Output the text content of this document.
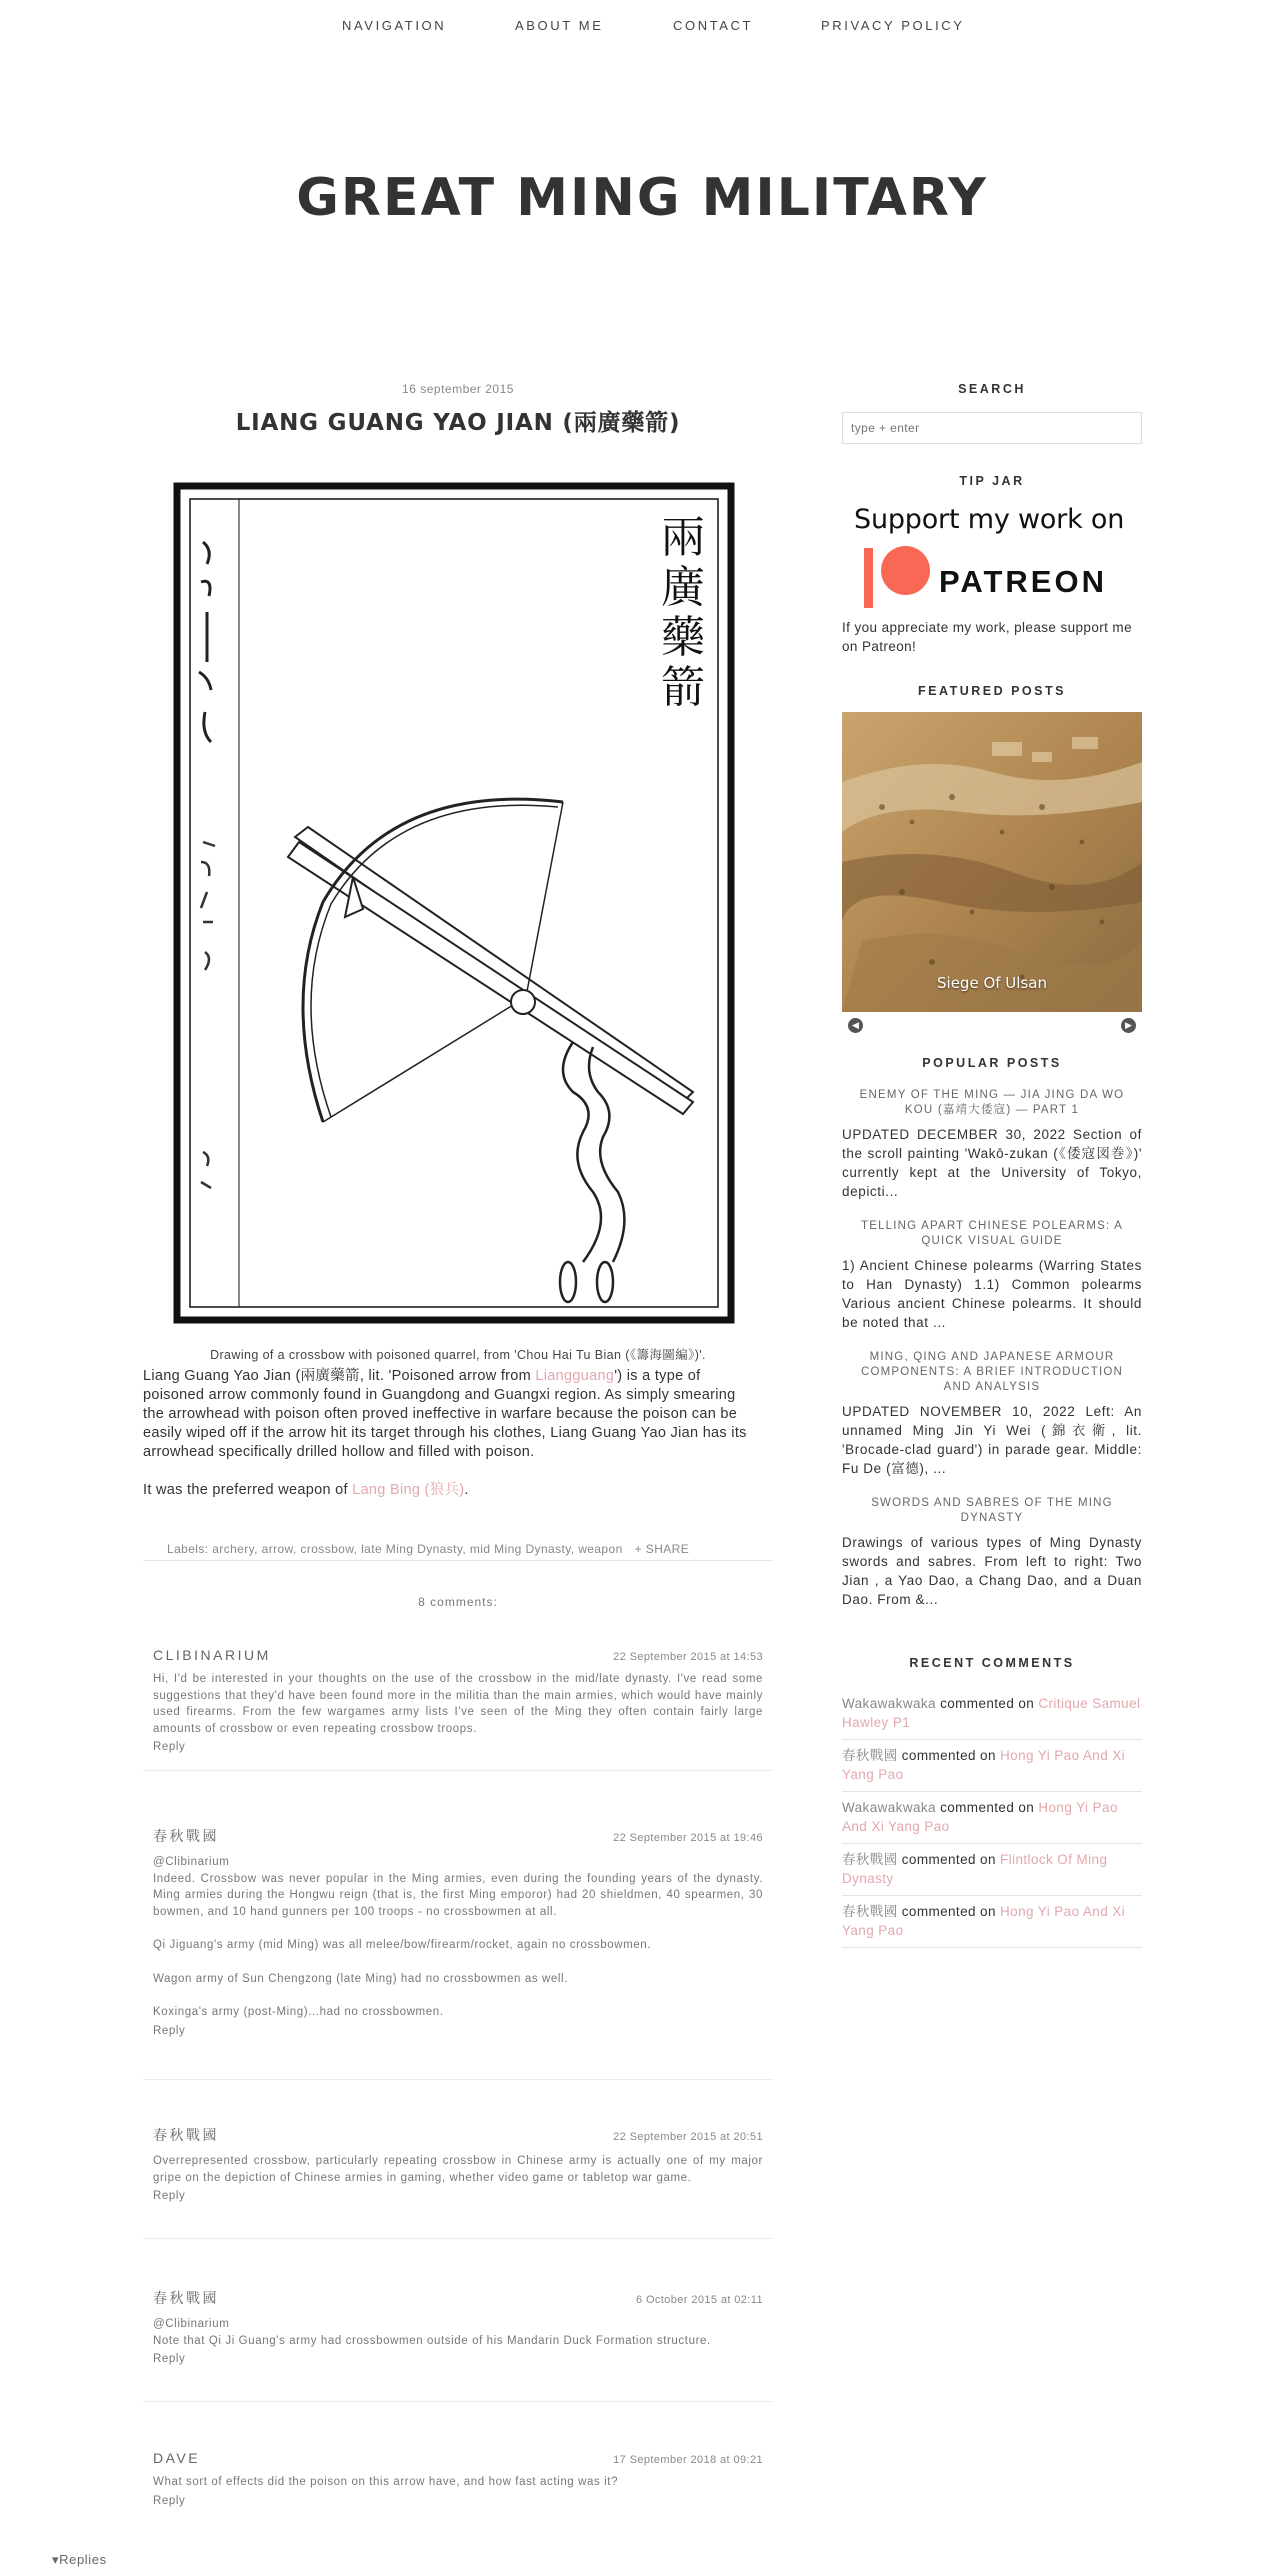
NAVIGATION	ABOUT ME	CONTACT	PRIVACY POLICY
GREAT MING MILITARY
16 september 2015
LIANG GUANG YAO JIAN (兩廣藥箭)
兩
廣
藥
箭
Drawing of a crossbow with poisoned quarrel, from 'Chou Hai Tu Bian (《籌海圖編》)'.

Liang Guang Yao Jian (兩廣藥箭, lit. 'Poisoned arrow from Liangguang') is a type of poisoned arrow commonly found in Guangdong and Guangxi region. As simply smearing the arrowhead with poison often proved ineffective in warfare because the poison can be easily wiped off if the arrow hit its target through his clothes, Liang Guang Yao Jian has its arrowhead specifically drilled hollow and filled with poison.

It was the preferred weapon of Lang Bing (狼兵).

Labels: archery, arrow, crossbow, late Ming Dynasty, mid Ming Dynasty, weapon + SHARE
8 comments:
CLIBINARIUM	22 September 2015 at 14:53

Hi, I'd be interested in your thoughts on the use of the crossbow in the mid/late dynasty. I've read some suggestions that they'd have been found more in the militia than the main armies, which would have mainly used firearms. From the few wargames army lists I've seen of the Ming they often contain fairly large amounts of crossbow or even repeating crossbow troops.

Reply
春秋戰國	22 September 2015 at 19:46

@Clibinarium
Indeed. Crossbow was never popular in the Ming armies, even during the founding years of the dynasty. Ming armies during the Hongwu reign (that is, the first Ming emporor) had 20 shieldmen, 40 spearmen, 30 bowmen, and 10 hand gunners per 100 troops - no crossbowmen at all.

Qi Jiguang's army (mid Ming) was all melee/bow/firearm/rocket, again no crossbowmen.

Wagon army of Sun Chengzong (late Ming) had no crossbowmen as well.

Koxinga's army (post-Ming)...had no crossbowmen.

Reply
春秋戰國	22 September 2015 at 20:51

Overrepresented crossbow, particularly repeating crossbow in Chinese army is actually one of my major gripe on the depiction of Chinese armies in gaming, whether video game or tabletop war game.

Reply
春秋戰國	6 October 2015 at 02:11

@Clibinarium
Note that Qi Ji Guang's army had crossbowmen outside of his Mandarin Duck Formation structure.

Reply
DAVE	17 September 2018 at 09:21

What sort of effects did the poison on this arrow have, and how fast acting was it?

Reply
▾Replies
SEARCH
type + enter
TIP JAR
Support my work on
PATREON
If you appreciate my work, please support me on Patreon!
FEATURED POSTS
Siege Of Ulsan
◀	▶
POPULAR POSTS
ENEMY OF THE MING — JIA JING DA WO KOU (嘉靖大倭寇) — PART 1
UPDATED DECEMBER 30, 2022 Section of the scroll painting 'Wakō-zukan (《倭寇図巻》)' currently kept at the University of Tokyo, depicti...
TELLING APART CHINESE POLEARMS: A QUICK VISUAL GUIDE
1) Ancient Chinese polearms (Warring States to Han Dynasty) 1.1) Common polearms Various ancient Chinese polearms. It should be noted that ...
MING, QING AND JAPANESE ARMOUR COMPONENTS: A BRIEF INTRODUCTION AND ANALYSIS
UPDATED NOVEMBER 10, 2022 Left: An unnamed Ming Jin Yi Wei (錦衣衛, lit. 'Brocade-clad guard') in parade gear. Middle: Fu De (富德), ...
SWORDS AND SABRES OF THE MING DYNASTY
Drawings of various types of Ming Dynasty swords and sabres. From left to right: Two Jian , a Yao Dao, a Chang Dao, and a Duan Dao. From &...
RECENT COMMENTS
Wakawakwaka commented on Critique Samuel Hawley P1
春秋戰國 commented on Hong Yi Pao And Xi Yang Pao
Wakawakwaka commented on Hong Yi Pao And Xi Yang Pao
春秋戰國 commented on Flintlock Of Ming Dynasty
春秋戰國 commented on Hong Yi Pao And Xi Yang Pao
